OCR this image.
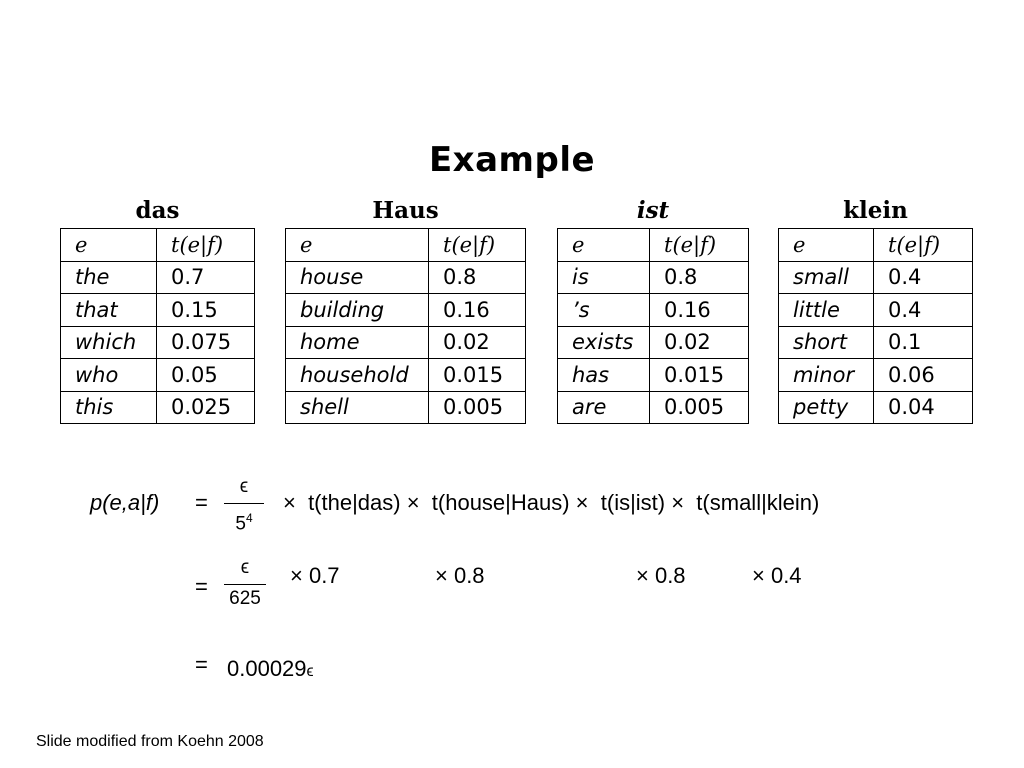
Example
das
e	t(e|f)
the	0.7
that	0.15
which	0.075
who	0.05
this	0.025
Haus
e	t(e|f)
house	0.8
building	0.16
home	0.02
household	0.015
shell	0.005
ist
e	t(e|f)
is	0.8
’s	0.16
exists	0.02
has	0.015
are	0.005
klein
e	t(e|f)
small	0.4
little	0.4
short	0.1
minor	0.06
petty	0.04
p(e,a|f) =
ϵ
$5^4$
×  t(the|das) ×  t(house|Haus) ×  t(is|ist) ×  t(small|klein)
=
ϵ
625
× 0.7	× 0.8	× 0.8	× 0.4
= 0.00029ϵ
Slide modified from Koehn 2008
